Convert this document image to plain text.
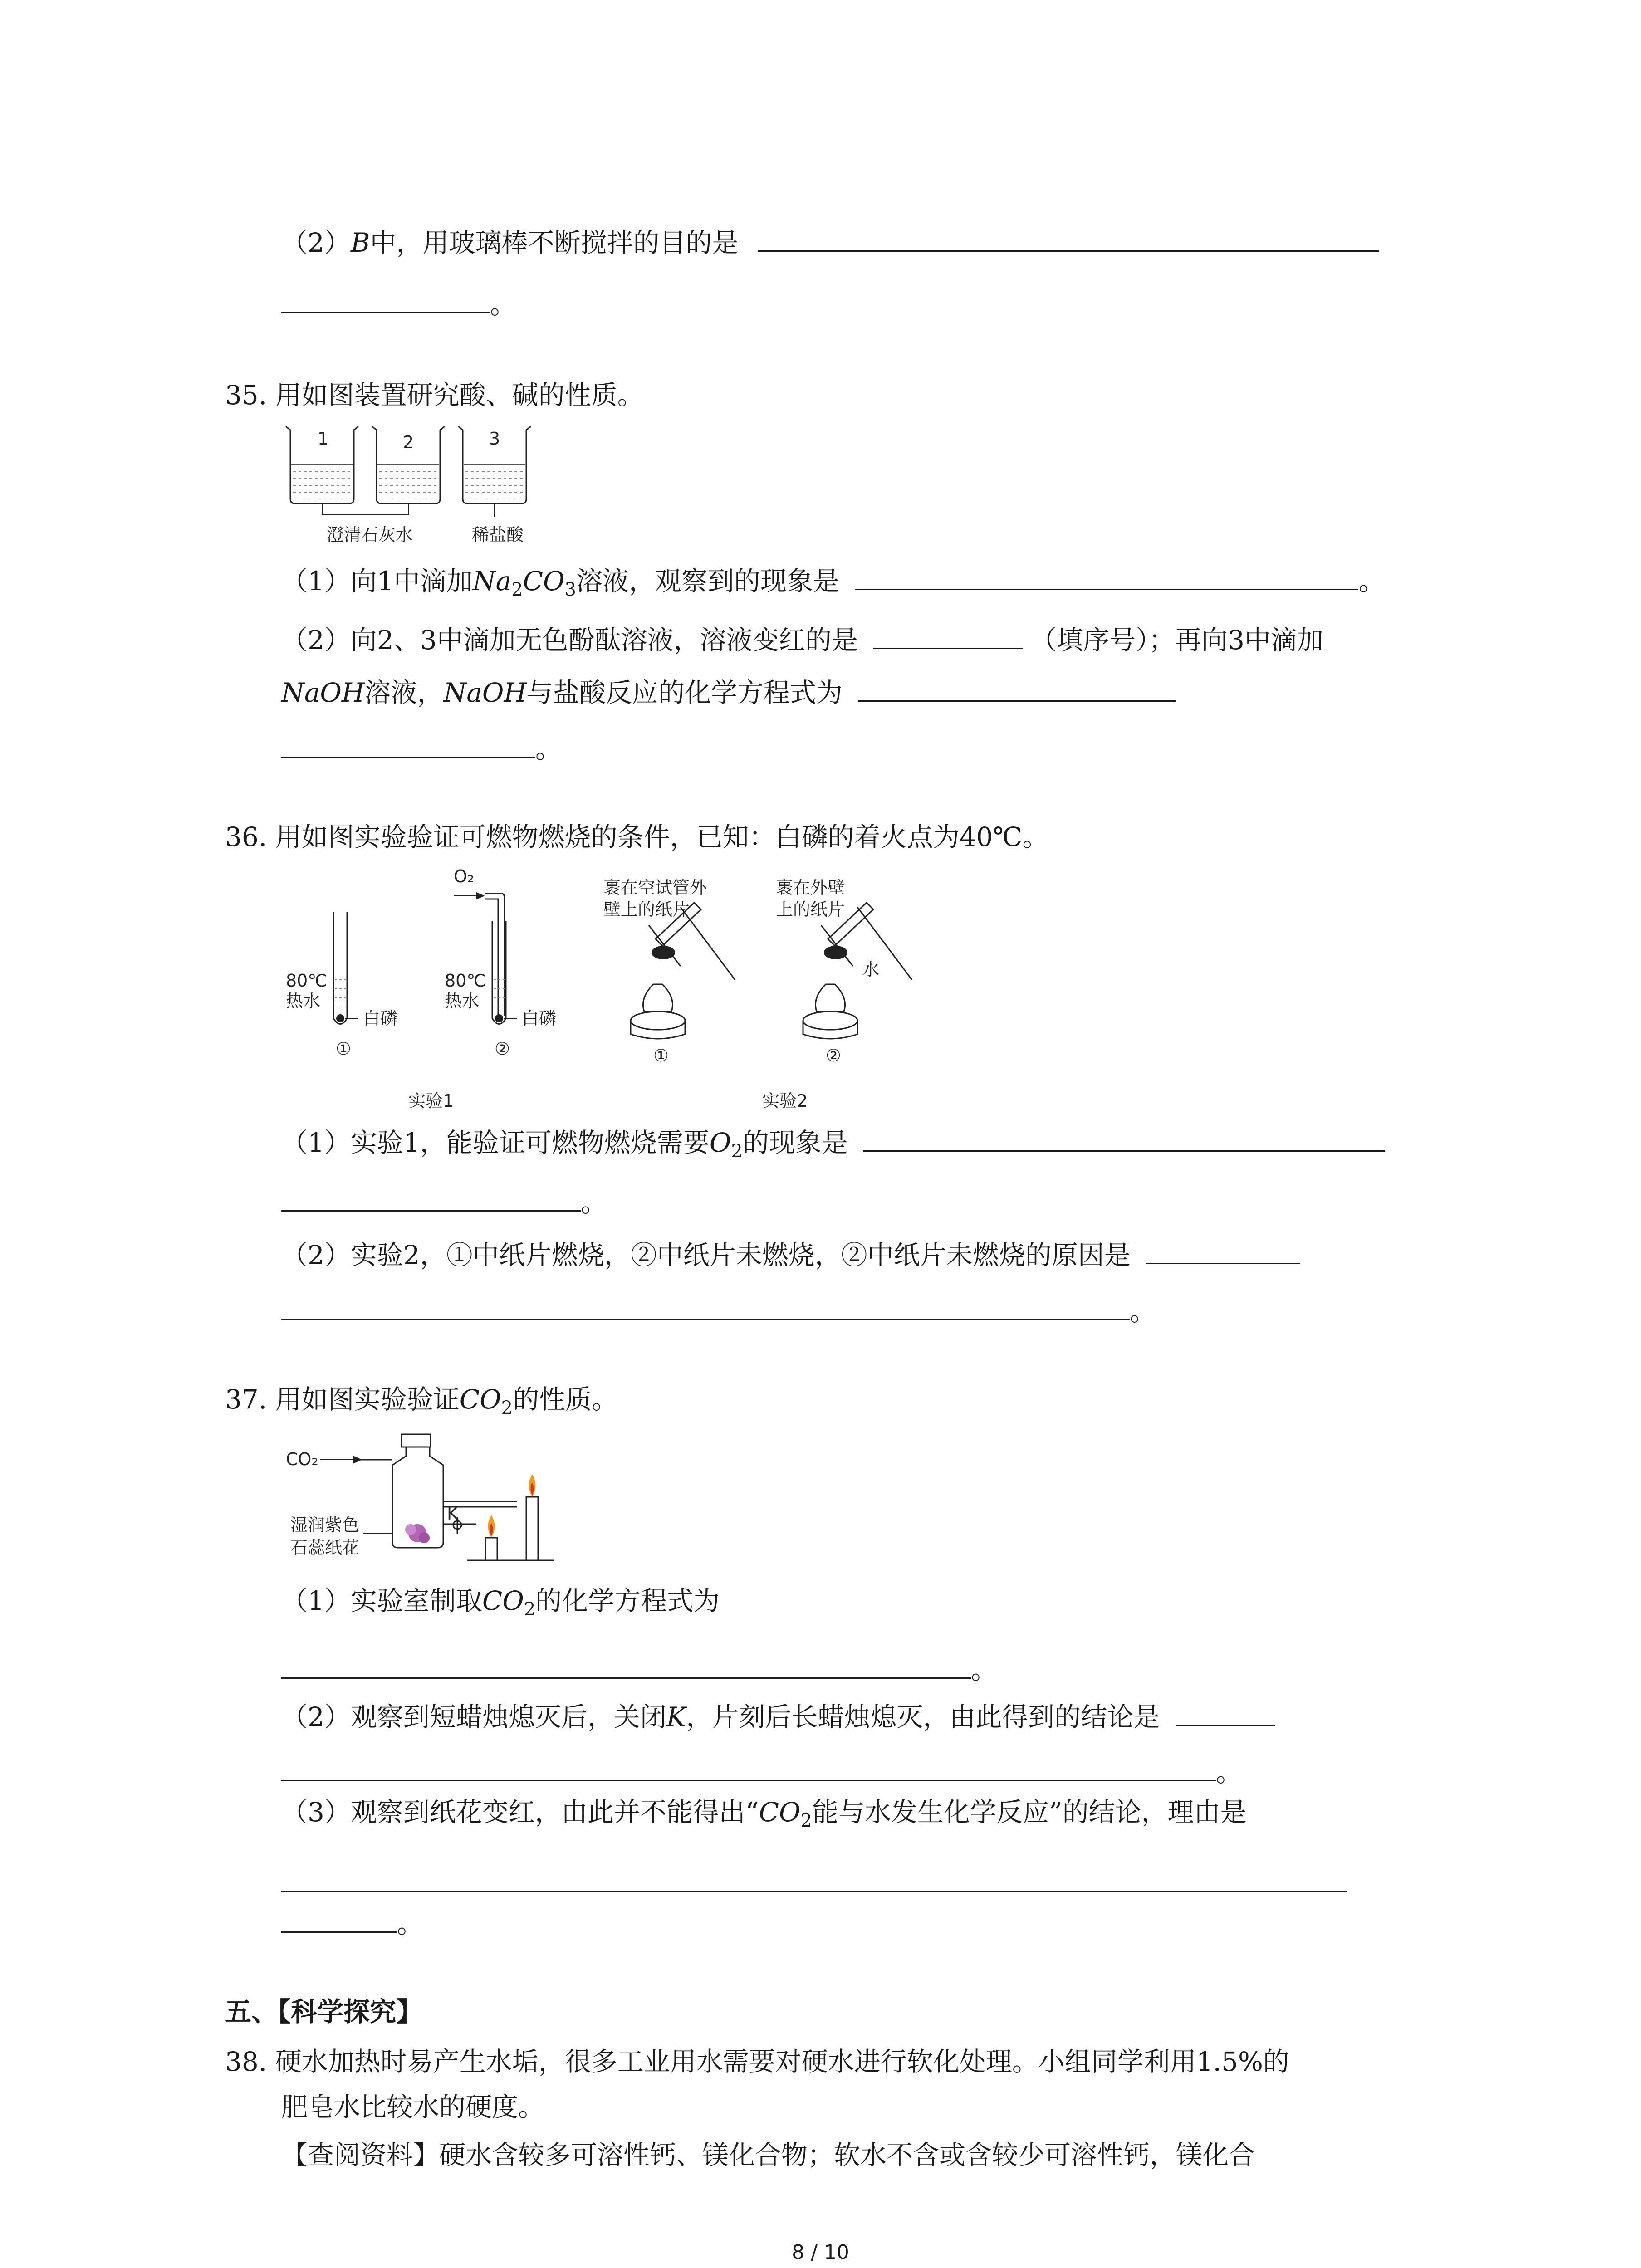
（2）B中，用玻璃棒不断搅拌的目的是
。
35. 用如图装置研究酸、碱的性质。
1	2	3
澄清石灰水	稀盐酸
（1）向1中滴加$Na_2CO_3$溶液，观察到的现象是	。
（2）向2、3中滴加无色酚酞溶液，溶液变红的是	（填序号）；再向3中滴加
NaOH溶液，NaOH与盐酸反应的化学方程式为
。
36. 用如图实验验证可燃物燃烧的条件，已知：白磷的着火点为40℃。
80℃
热水
白磷
①
O₂
80℃
热水
白磷
②
实验1
裹在空试管外
壁上的纸片
①
裹在外壁
上的纸片
水
②
实验2
（1）实验1，能验证可燃物燃烧需要$O_2$的现象是
。
（2）实验2，①中纸片燃烧，②中纸片未燃烧，②中纸片未燃烧的原因是
。
37. 用如图实验验证$CO_2$的性质。
CO₂
K
湿润紫色
石蕊纸花
（1）实验室制取$CO_2$的化学方程式为
。
（2）观察到短蜡烛熄灭后，关闭K，片刻后长蜡烛熄灭，由此得到的结论是
。
（3）观察到纸花变红，由此并不能得出“$CO_2$能与水发生化学反应”的结论，理由是
。
五、【科学探究】
38. 硬水加热时易产生水垢，很多工业用水需要对硬水进行软化处理。小组同学利用1.5%的
肥皂水比较水的硬度。
【查阅资料】硬水含较多可溶性钙、镁化合物；软水不含或含较少可溶性钙，镁化合
8 / 10
